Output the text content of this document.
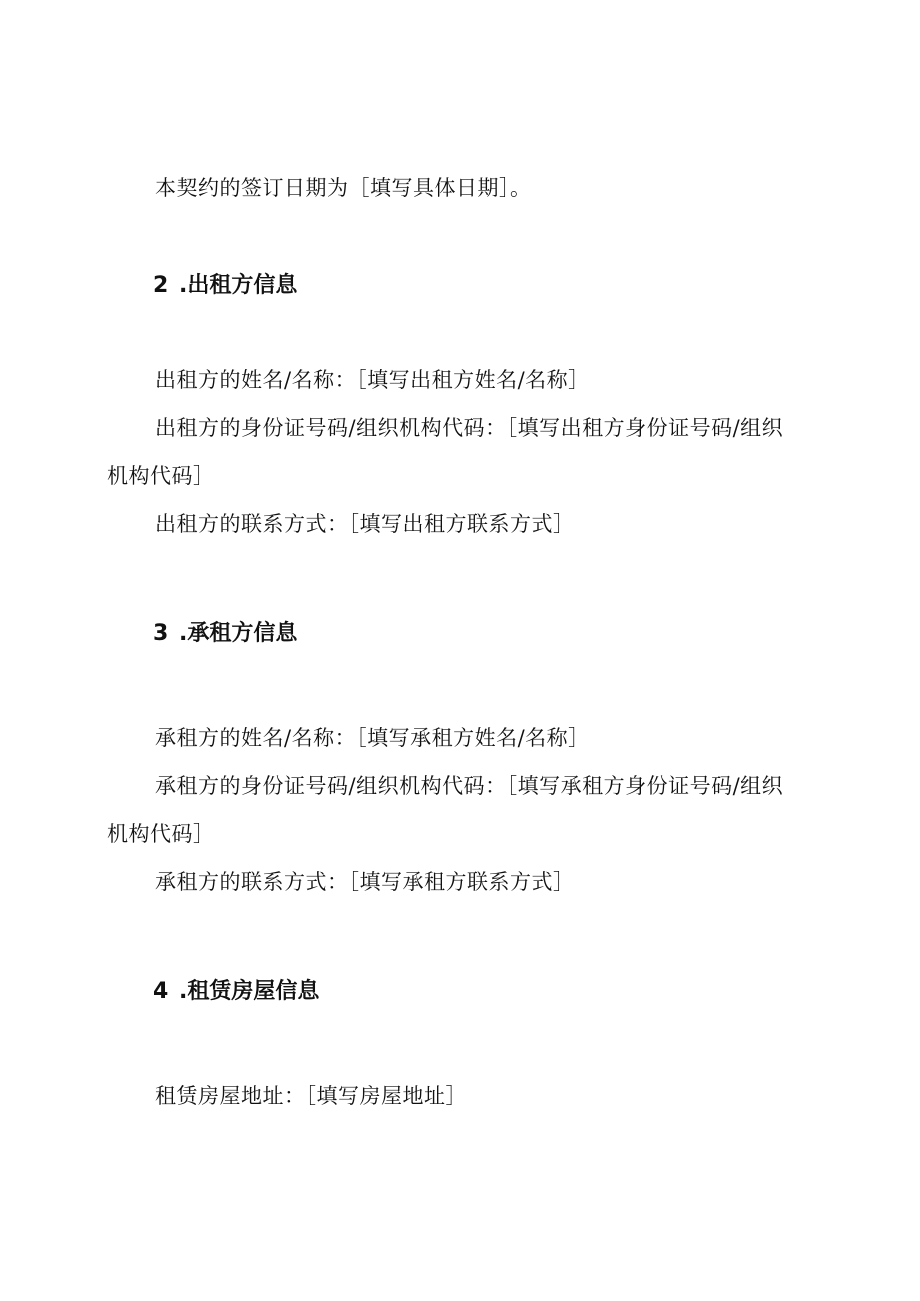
本契约的签订日期为［填写具体日期］。
2 .出租方信息
出租方的姓名/名称：［填写出租方姓名/名称］
出租方的身份证号码/组织机构代码：［填写出租方身份证号码/组织
机构代码］
出租方的联系方式：［填写出租方联系方式］
3 .承租方信息
承租方的姓名/名称：［填写承租方姓名/名称］
承租方的身份证号码/组织机构代码：［填写承租方身份证号码/组织
机构代码］
承租方的联系方式：［填写承租方联系方式］
4 .租赁房屋信息
租赁房屋地址：［填写房屋地址］
